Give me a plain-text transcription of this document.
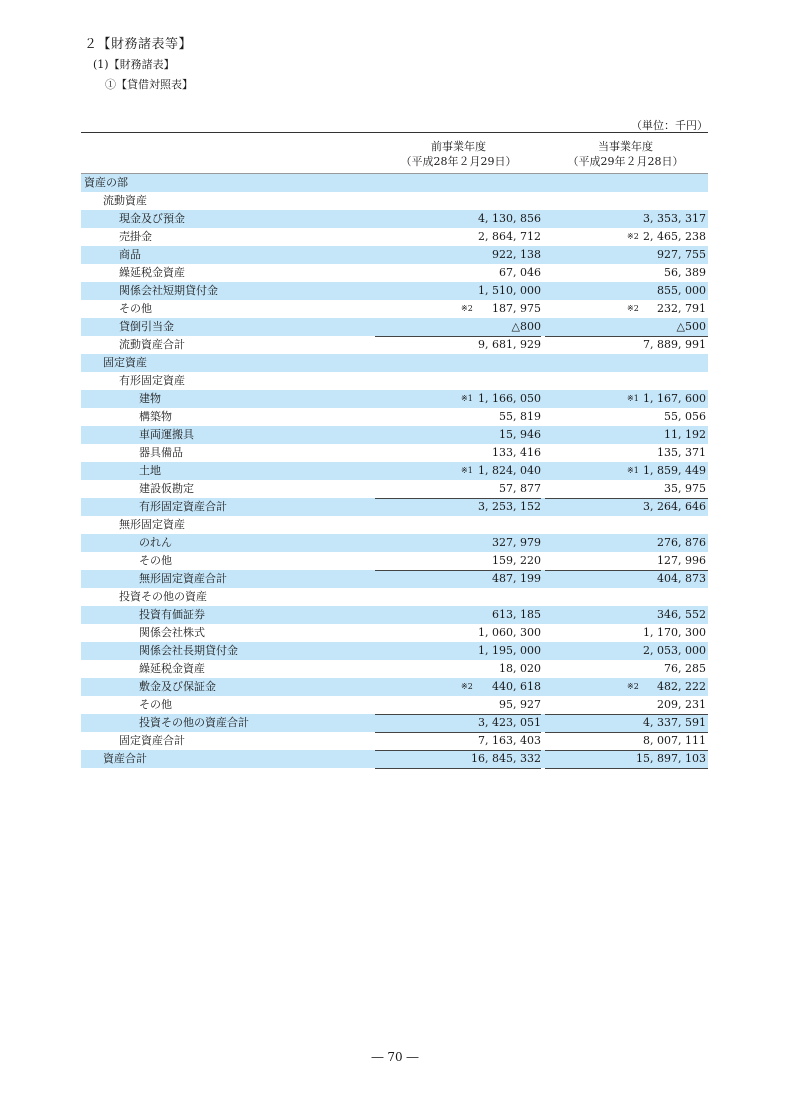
２【財務諸表等】
(1)【財務諸表】
①【貸借対照表】
（単位：千円）
前事業年度
（平成28年２月29日）
当事業年度
（平成29年２月28日）
資産の部
流動資産
現金及び預金	4, 130, 856	3, 353, 317
売掛金	2, 864, 712	※2 2, 465, 238
商品	922, 138	927, 755
繰延税金資産	67, 046	56, 389
関係会社短期貸付金	1, 510, 000	855, 000
その他	※2 187, 975	※2 232, 791
貸倒引当金	△800	△500
流動資産合計	9, 681, 929	7, 889, 991
固定資産
有形固定資産
建物	※1 1, 166, 050	※1 1, 167, 600
構築物	55, 819	55, 056
車両運搬具	15, 946	11, 192
器具備品	133, 416	135, 371
土地	※1 1, 824, 040	※1 1, 859, 449
建設仮勘定	57, 877	35, 975
有形固定資産合計	3, 253, 152	3, 264, 646
無形固定資産
のれん	327, 979	276, 876
その他	159, 220	127, 996
無形固定資産合計	487, 199	404, 873
投資その他の資産
投資有価証券	613, 185	346, 552
関係会社株式	1, 060, 300	1, 170, 300
関係会社長期貸付金	1, 195, 000	2, 053, 000
繰延税金資産	18, 020	76, 285
敷金及び保証金	※2 440, 618	※2 482, 222
その他	95, 927	209, 231
投資その他の資産合計	3, 423, 051	4, 337, 591
固定資産合計	7, 163, 403	8, 007, 111
資産合計	16, 845, 332	15, 897, 103
― 70 ―
